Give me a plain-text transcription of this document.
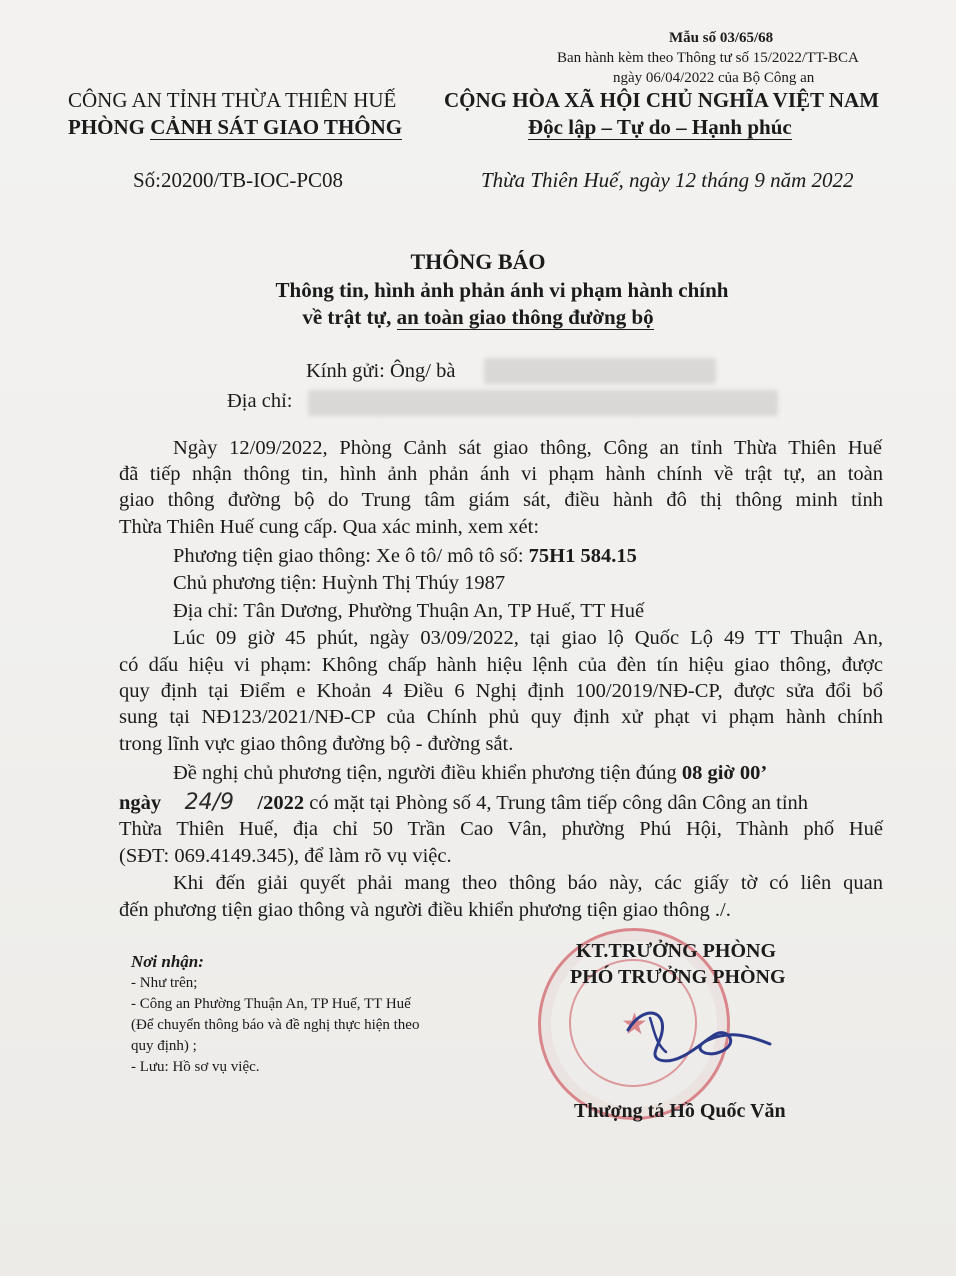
Mẫu số 03/65/68
Ban hành kèm theo Thông tư số 15/2022/TT-BCA
ngày 06/04/2022 của Bộ Công an
CÔNG AN TỈNH THỪA THIÊN HUẾ
PHÒNG CẢNH SÁT GIAO THÔNG
Số:20200/TB-IOC-PC08
CỘNG HÒA XÃ HỘI CHỦ NGHĨA VIỆT NAM
Độc lập – Tự do – Hạnh phúc
Thừa Thiên Huế, ngày 12 tháng 9 năm 2022
THÔNG BÁO
Thông tin, hình ảnh phản ánh vi phạm hành chính
về trật tự, an toàn giao thông đường bộ
Kính gửi: Ông/ bà
Địa chỉ:
Ngày 12/09/2022, Phòng Cảnh sát giao thông, Công an tỉnh Thừa Thiên Huế
đã tiếp nhận thông tin, hình ảnh phản ánh vi phạm hành chính về trật tự, an toàn
giao thông đường bộ do Trung tâm giám sát, điều hành đô thị thông minh tỉnh
Thừa Thiên Huế cung cấp. Qua xác minh, xem xét:
Phương tiện giao thông: Xe ô tô/ mô tô số: 75H1 584.15
Chủ phương tiện: Huỳnh Thị Thúy 1987
Địa chỉ: Tân Dương, Phường Thuận An, TP Huế, TT Huế
Lúc 09 giờ 45 phút, ngày 03/09/2022, tại giao lộ Quốc Lộ 49 TT Thuận An,
có dấu hiệu vi phạm: Không chấp hành hiệu lệnh của đèn tín hiệu giao thông, được
quy định tại Điểm e Khoản 4 Điều 6 Nghị định 100/2019/NĐ-CP, được sửa đổi bổ
sung tại NĐ123/2021/NĐ-CP của Chính phủ quy định xử phạt vi phạm hành chính
trong lĩnh vực giao thông đường bộ - đường sắt.
Đề nghị chủ phương tiện, người điều khiển phương tiện đúng 08 giờ 00’
ngày 24/9 /2022 có mặt tại Phòng số 4, Trung tâm tiếp công dân Công an tỉnh
Thừa Thiên Huế, địa chỉ 50 Trần Cao Vân, phường Phú Hội, Thành phố Huế
(SĐT: 069.4149.345), để làm rõ vụ việc.
Khi đến giải quyết phải mang theo thông báo này, các giấy tờ có liên quan
đến phương tiện giao thông và người điều khiển phương tiện giao thông ./.
Nơi nhận:
- Như trên;
- Công an Phường Thuận An, TP Huế, TT Huế
(Để chuyển thông báo và đề nghị thực hiện theo
quy định) ;
- Lưu: Hồ sơ vụ việc.
★
KT.TRƯỞNG PHÒNG
PHÓ TRƯỞNG PHÒNG
Thượng tá Hồ Quốc Văn
